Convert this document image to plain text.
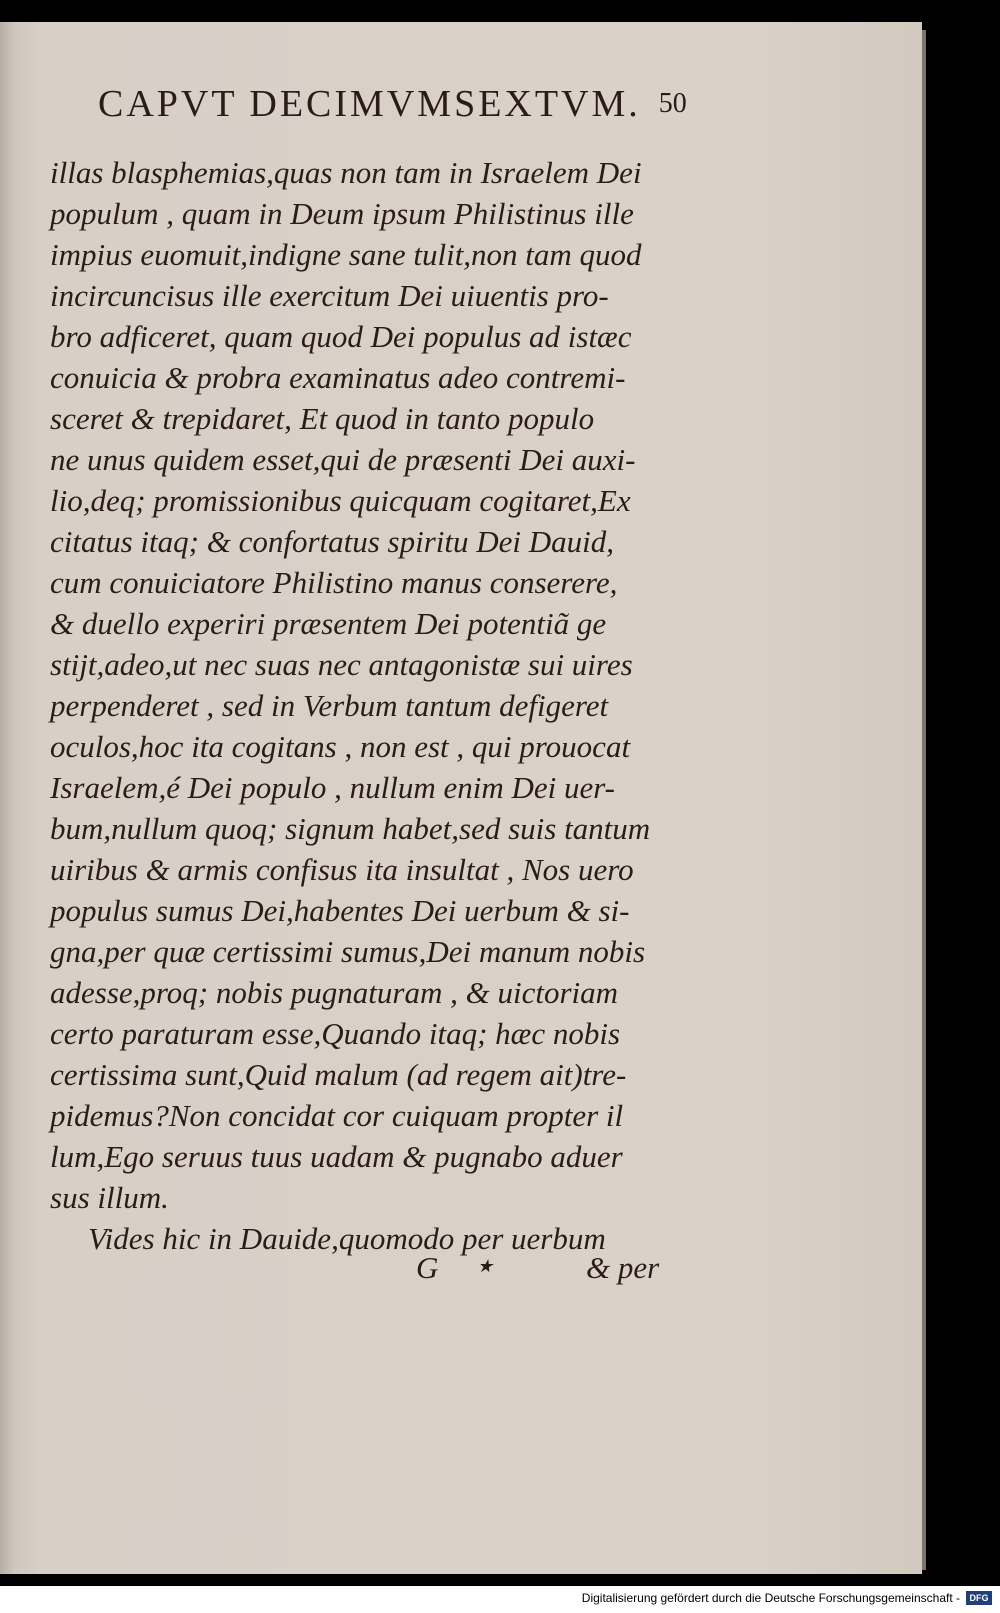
CAPVT DECIMVMSEXTVM. 50
illas blasphemias,quas non tam in Israelem Dei
populum , quam in Deum ipsum Philistinus ille
impius euomuit,indigne sane tulit,non tam quod
incircuncisus ille exercitum Dei uiuentis pro-
bro adficeret, quam quod Dei populus ad istæc
conuicia & probra examinatus adeo contremi-
sceret & trepidaret, Et quod in tanto populo
ne unus quidem esset,qui de præsenti Dei auxi-
lio,deq; promissionibus quicquam cogitaret,Ex
citatus itaq; & confortatus spiritu Dei Dauid,
cum conuiciatore Philistino manus conserere,
& duello experiri præsentem Dei potentiã ge
stijt,adeo,ut nec suas nec antagonistæ sui uires
perpenderet , sed in Verbum tantum defigeret
oculos,hoc ita cogitans , non est , qui prouocat
Israelem,é Dei populo , nullum enim Dei uer-
bum,nullum quoq; signum habet,sed suis tantum
uiribus & armis confisus ita insultat , Nos uero
populus sumus Dei,habentes Dei uerbum & si-
gna,per quæ certissimi sumus,Dei manum nobis
adesse,proq; nobis pugnaturam , & uictoriam
certo paraturam esse,Quando itaq; hæc nobis
certissima sunt,Quid malum (ad regem ait)tre-
pidemus?Non concidat cor cuiquam propter il
lum,Ego seruus tuus uadam & pugnabo aduer
sus illum.
Vides hic in Dauide,quomodo per uerbum
G ★	& per
Digitalisierung gefördert durch die Deutsche Forschungsgemeinschaft -	DFG
